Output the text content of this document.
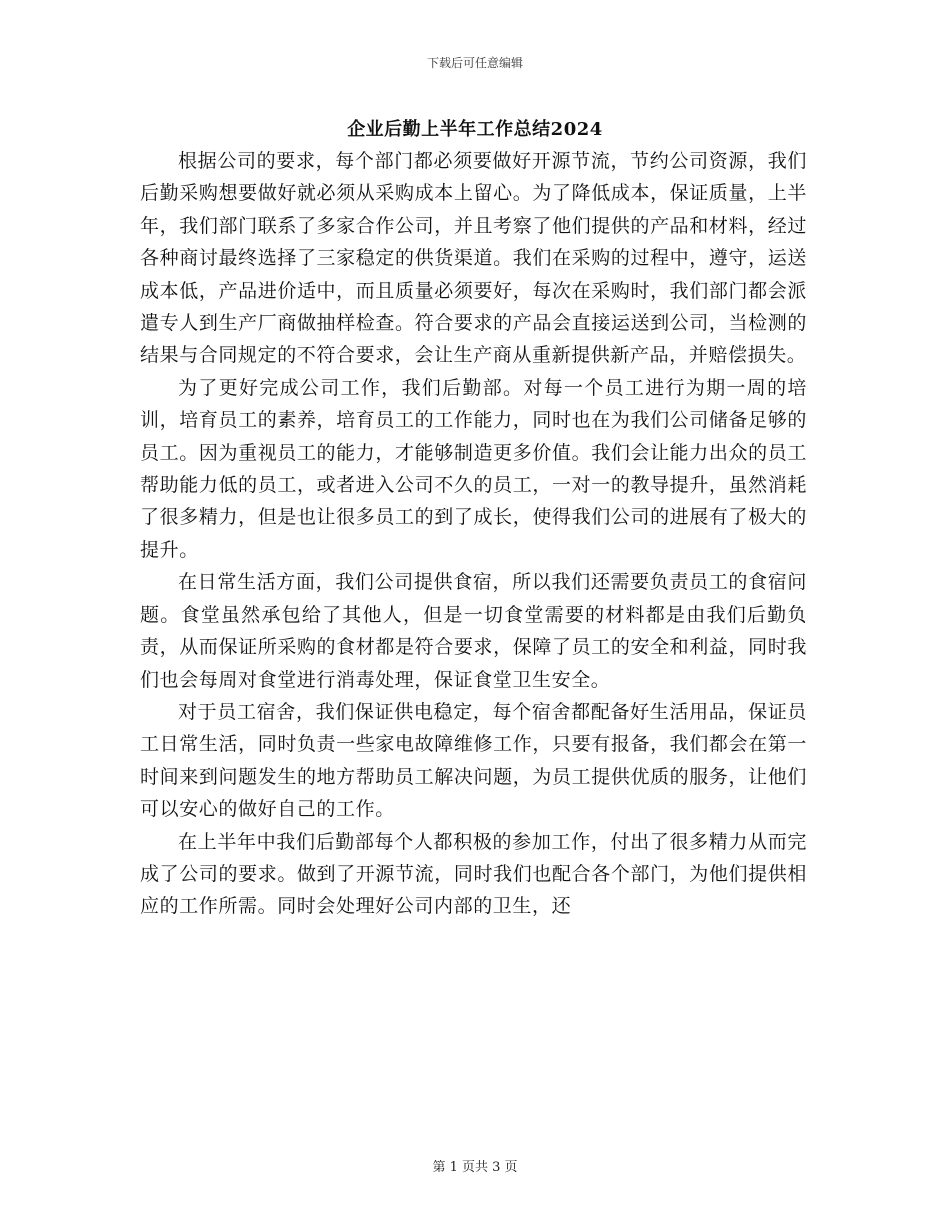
下载后可任意编辑
企业后勤上半年工作总结2024

根据公司的要求，每个部门都必须要做好开源节流，节约公司资源，我们后勤采购想要做好就必须从采购成本上留心。为了降低成本，保证质量，上半年，我们部门联系了多家合作公司，并且考察了他们提供的产品和材料，经过各种商讨最终选择了三家稳定的供货渠道。我们在采购的过程中，遵守，运送成本低，产品进价适中，而且质量必须要好，每次在采购时，我们部门都会派遣专人到生产厂商做抽样检查。符合要求的产品会直接运送到公司，当检测的结果与合同规定的不符合要求，会让生产商从重新提供新产品，并赔偿损失。

为了更好完成公司工作，我们后勤部。对每一个员工进行为期一周的培训，培育员工的素养，培育员工的工作能力，同时也在为我们公司储备足够的员工。因为重视员工的能力，才能够制造更多价值。我们会让能力出众的员工帮助能力低的员工，或者进入公司不久的员工，一对一的教导提升，虽然消耗了很多精力，但是也让很多员工的到了成长，使得我们公司的进展有了极大的提升。

在日常生活方面，我们公司提供食宿，所以我们还需要负责员工的食宿问题。食堂虽然承包给了其他人，但是一切食堂需要的材料都是由我们后勤负责，从而保证所采购的食材都是符合要求，保障了员工的安全和利益，同时我们也会每周对食堂进行消毒处理，保证食堂卫生安全。

对于员工宿舍，我们保证供电稳定，每个宿舍都配备好生活用品，保证员工日常生活，同时负责一些家电故障维修工作，只要有报备，我们都会在第一时间来到问题发生的地方帮助员工解决问题，为员工提供优质的服务，让他们可以安心的做好自己的工作。

在上半年中我们后勤部每个人都积极的参加工作，付出了很多精力从而完成了公司的要求。做到了开源节流，同时我们也配合各个部门，为他们提供相应的工作所需。同时会处理好公司内部的卫生，还

第 1 页共 3 页
